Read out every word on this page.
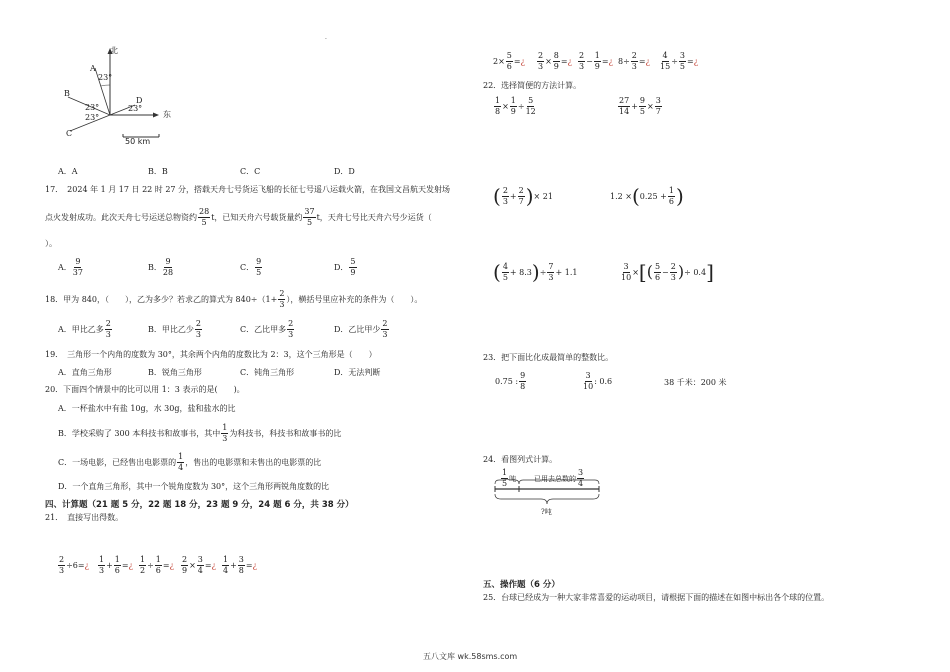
·
北
东
A
B
C
D
23°
23°
23°
23°
50 km
A．A	B．B	C．C	D．D
17．　2024 年 1 月 17 日 22 时 27 分，搭载天舟七号货运飞船的长征七号遥八运载火箭，在我国文昌航天发射场
点火发射成功。此次天舟七号运送总物资约 $\frac{28}{5}$ t，已知天舟六号载货量约 $\frac{37}{5}$ t，天舟七号比天舟六号少运货（
）。
A． $\frac{9}{37}$	B． $\frac{9}{28}$	C． $\frac{9}{5}$	D． $\frac{5}{9}$
18．甲为 840，（　　），乙为多少？若求乙的算式为 $840\div(1+ \frac{2}{3}$ ），横括号里应补充的条件为（　　）。
A．甲比乙多 $\frac{2}{3}$	B．甲比乙少 $\frac{2}{3}$	C．乙比甲多 $\frac{2}{3}$	D．乙比甲少 $\frac{2}{3}$
19．　三角形一个内角的度数为 30°，其余两个内角的度数比为 2：3，这个三角形是（　　）
A．直角三角形	B．锐角三角形	C．钝角三角形	D．无法判断
20．下面四个情景中的比可以用 1：3 表示的是(　　)。
A．一杯盐水中有盐 10g，水 30g，盐和盐水的比
B．学校采购了 300 本科技书和故事书，其中 $\frac{1}{3}$ 为科技书，科技书和故事书的比
C．一场电影，已经售出电影票的 $\frac{1}{4}$ ，售出的电影票和未售出的电影票的比
D．一个直角三角形，其中一个锐角度数为 30°，这个三角形两锐角度数的比
四、计算题（21 题 5 分，22 题 18 分，23 题 9 分，24 题 6 分，共 38 分）
21．　直接写出得数。
$\frac{2}{3} \div 6=$ ¿ $\frac{1}{3} + \frac{1}{6}$ = ¿ $\frac{1}{2} \div \frac{1}{6}$ = ¿ $\frac{2}{9} \times \frac{3}{4}$ = ¿ $\frac{1}{4} + \frac{3}{8}$ = ¿
$2\times \frac{5}{6}$ = ¿ $\frac{2}{3} \times \frac{8}{9}$ = ¿ $\frac{2}{3} - \frac{1}{9}$ = ¿ $8\div \frac{2}{3}$ = ¿ $\frac{4}{15} \div \frac{3}{5}$ = ¿
22．选择简便的方法计算。
$\frac{1}{8} \times \frac{1}{9} \div \frac{5}{12}$	$\frac{27}{14} + \frac{9}{5} \times \frac{3}{7}$
( $\frac{2}{3} + \frac{2}{7}$ ) × 21	1.2 × ( $0.25 + \frac{1}{6}$ )
( $\frac{4}{5} + 8.3$ ) ÷ $\frac{7}{3} + 1.1$	$\frac{3}{10}$ × [ ( $\frac{5}{6} - \frac{2}{3}$ ) ÷ 0.4 ]
23．把下面比化成最简单的整数比。
0.75 : $\frac{9}{8}$	$\frac{3}{10}$ : 0.6	38 千米：200 米
24．看图列式计算。
$\frac{1}{5}$ 吨	已用去总数的 $\frac{3}{4}$
?吨
五、操作题（6 分）
25．台球已经成为一种大家非常喜爱的运动项目，请根据下面的描述在如图中标出各个球的位置。
五八文库 wk.58sms.com
